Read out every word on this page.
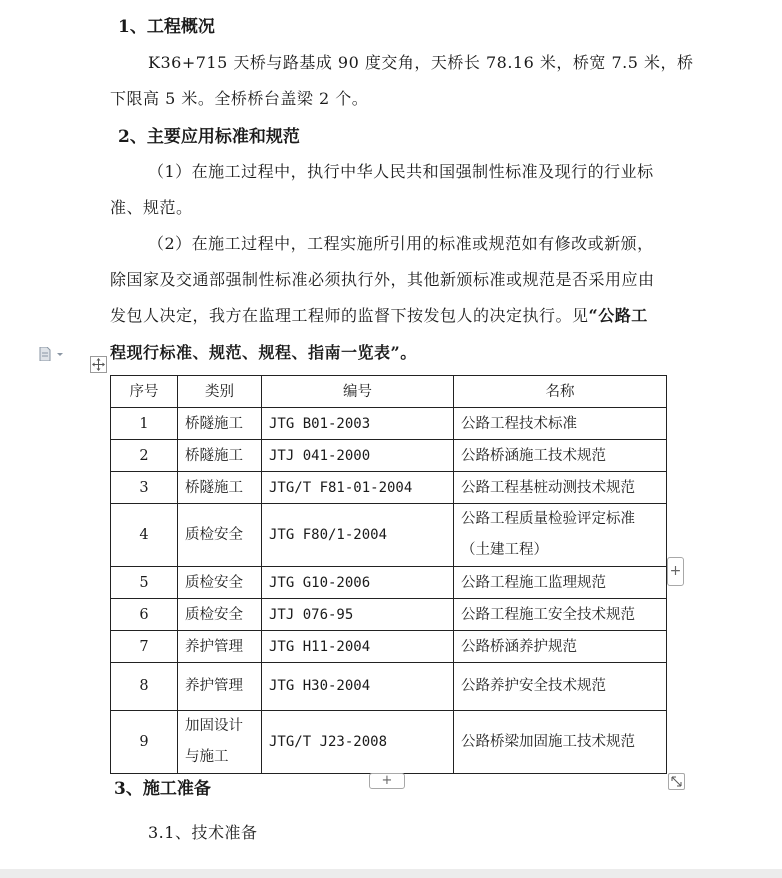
1、工程概况
K36+715 天桥与路基成 90 度交角，天桥长 78.16 米，桥宽 7.5 米，桥
下限高 5 米。全桥桥台盖梁 2 个。
2、主要应用标准和规范
（1）在施工过程中，执行中华人民共和国强制性标准及现行的行业标
准、规范。
（2）在施工过程中，工程实施所引用的标准或规范如有修改或新颁，
除国家及交通部强制性标准必须执行外，其他新颁标准或规范是否采用应由
发包人决定，我方在监理工程师的监督下按发包人的决定执行。见“公路工
程现行标准、规范、规程、指南一览表”。
序号	类别	编号	名称
1	桥隧施工	JTG B01-2003	公路工程技术标准
2	桥隧施工	JTJ 041-2000	公路桥涵施工技术规范
3	桥隧施工	JTG/T F81-01-2004	公路工程基桩动测技术规范
4	质检安全	JTG F80/1-2004	公路工程质量检验评定标准
（土建工程）

5	质检安全	JTG G10-2006	公路工程施工监理规范
6	质检安全	JTJ 076-95	公路工程施工安全技术规范
7	养护管理	JTG H11-2004	公路桥涵养护规范
8	养护管理	JTG H30-2004	公路养护安全技术规范
9	加固设计
与施工	JTG/T J23-2008	公路桥梁加固施工技术规范
+
+
3、施工准备
3.1、技术准备
